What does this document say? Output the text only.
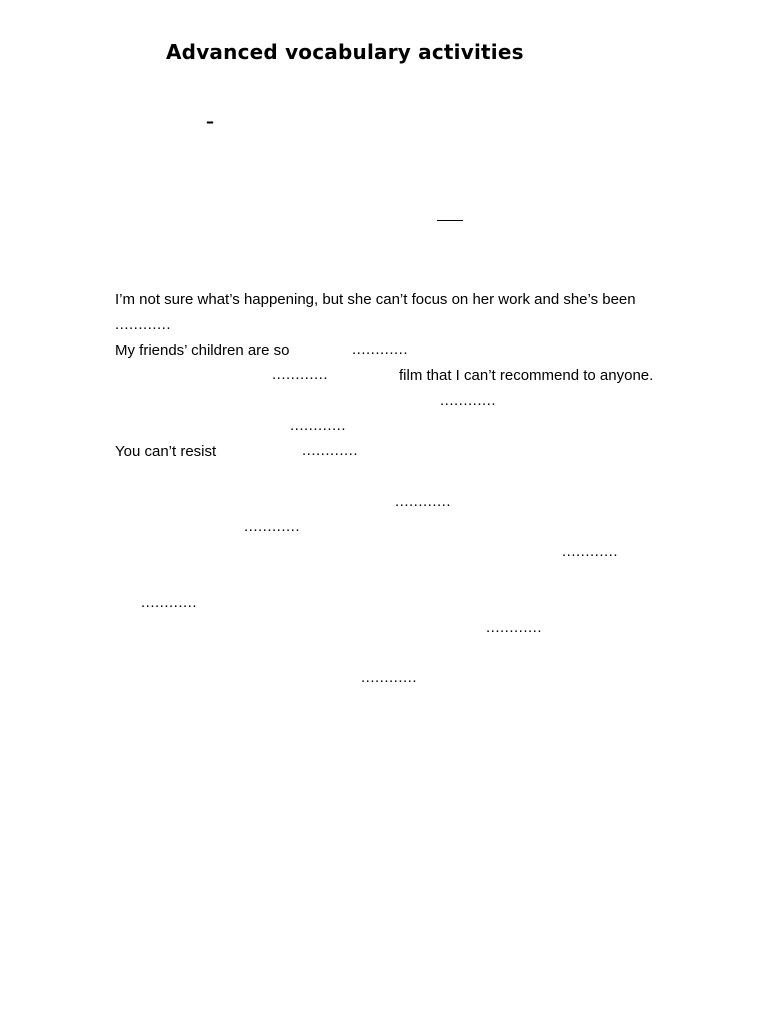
Advanced vocabulary activities
–
I’m not sure what’s happening, but she can’t focus on her work and she’s been
............
My friends’ children are so	............
............	film that I can’t recommend to anyone.
............
............
You can’t resist	............
............
............
............
............
............
............
